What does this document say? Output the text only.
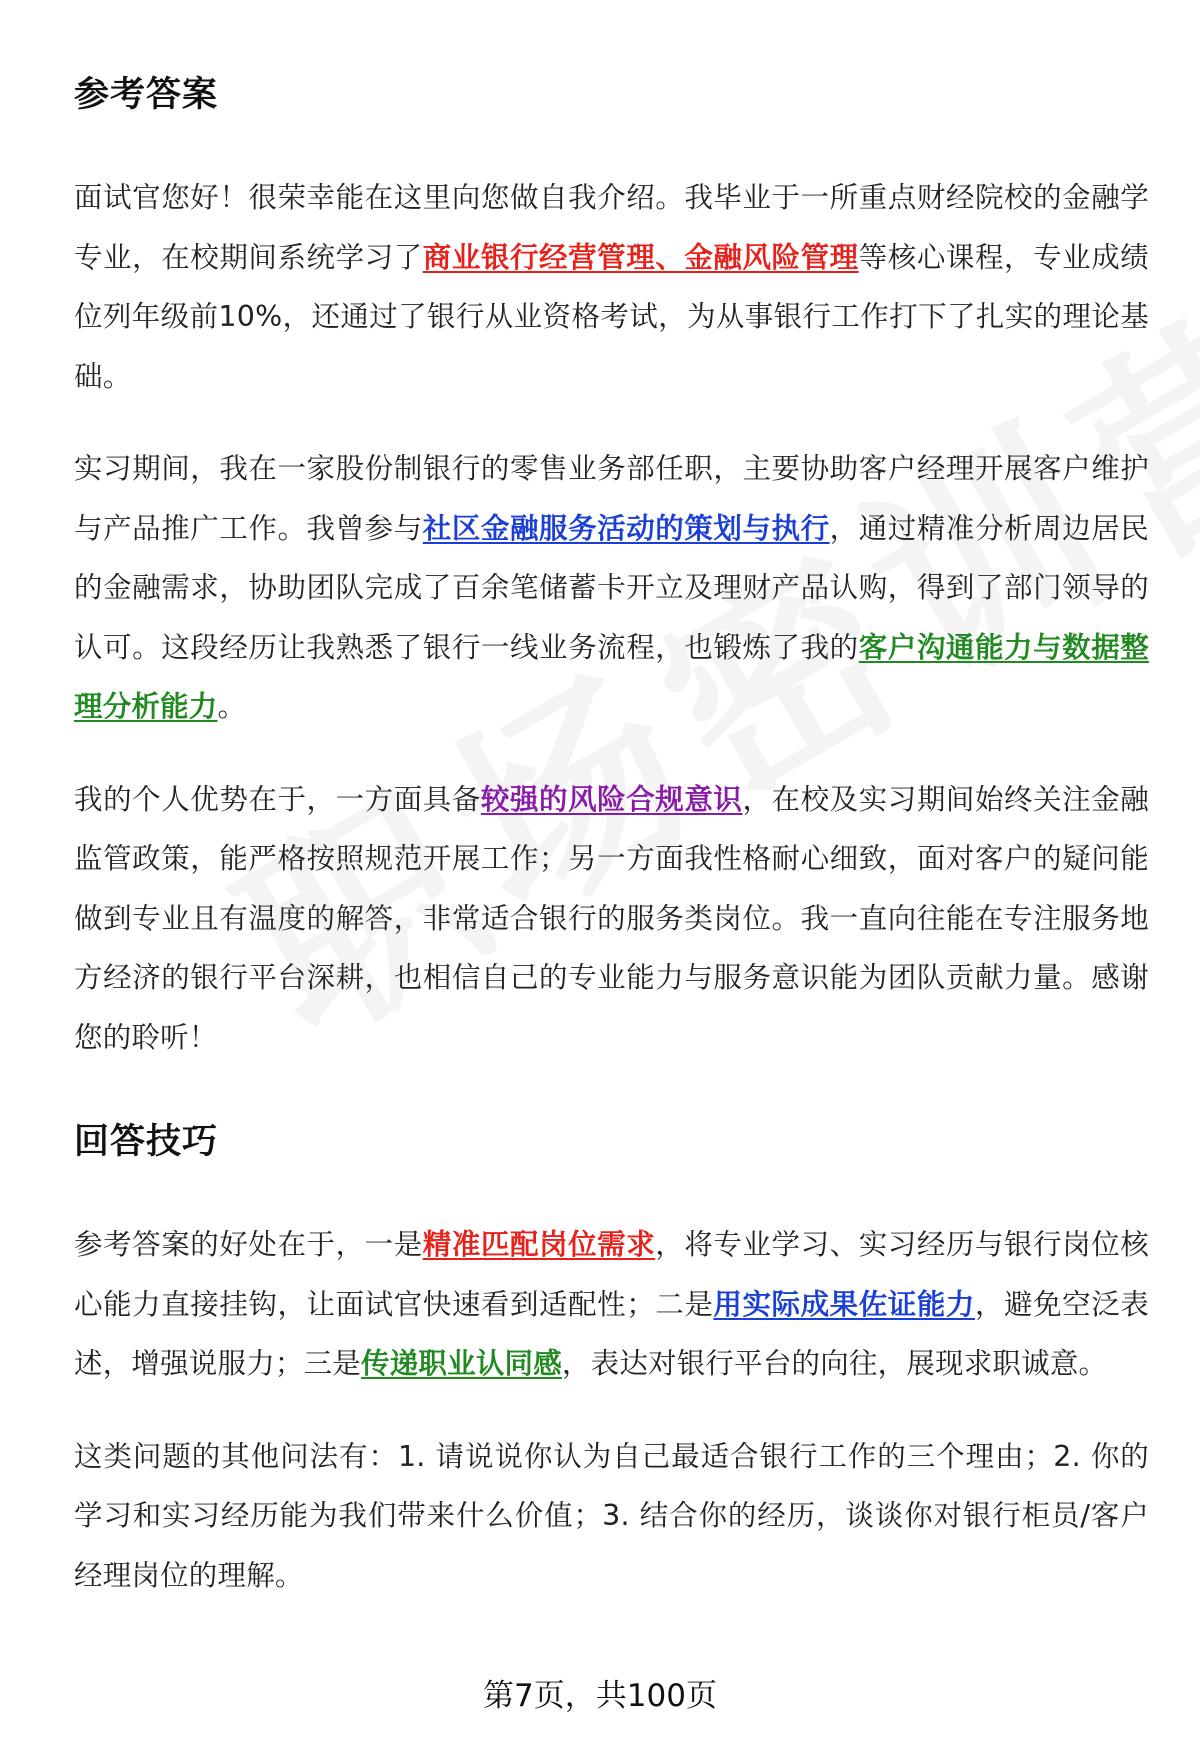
参考答案

面试官您好！很荣幸能在这里向您做自我介绍。我毕业于一所重点财经院校的金融学专业，在校期间系统学习了商业银行经营管理、金融风险管理等核心课程，专业成绩位列年级前10%，还通过了银行从业资格考试，为从事银行工作打下了扎实的理论基础。

实习期间，我在一家股份制银行的零售业务部任职，主要协助客户经理开展客户维护与产品推广工作。我曾参与社区金融服务活动的策划与执行，通过精准分析周边居民的金融需求，协助团队完成了百余笔储蓄卡开立及理财产品认购，得到了部门领导的认可。这段经历让我熟悉了银行一线业务流程，也锻炼了我的客户沟通能力与数据整理分析能力。

我的个人优势在于，一方面具备较强的风险合规意识，在校及实习期间始终关注金融监管政策，能严格按照规范开展工作；另一方面我性格耐心细致，面对客户的疑问能做到专业且有温度的解答，非常适合银行的服务类岗位。我一直向往能在专注服务地方经济的银行平台深耕，也相信自己的专业能力与服务意识能为团队贡献力量。感谢您的聆听！

回答技巧

参考答案的好处在于，一是精准匹配岗位需求，将专业学习、实习经历与银行岗位核心能力直接挂钩，让面试官快速看到适配性；二是用实际成果佐证能力，避免空泛表述，增强说服力；三是传递职业认同感，表达对银行平台的向往，展现求职诚意。

这类问题的其他问法有：1. 请说说你认为自己最适合银行工作的三个理由；2. 你的学习和实习经历能为我们带来什么价值；3. 结合你的经历，谈谈你对银行柜员/客户经理岗位的理解。

第7页，共100页
